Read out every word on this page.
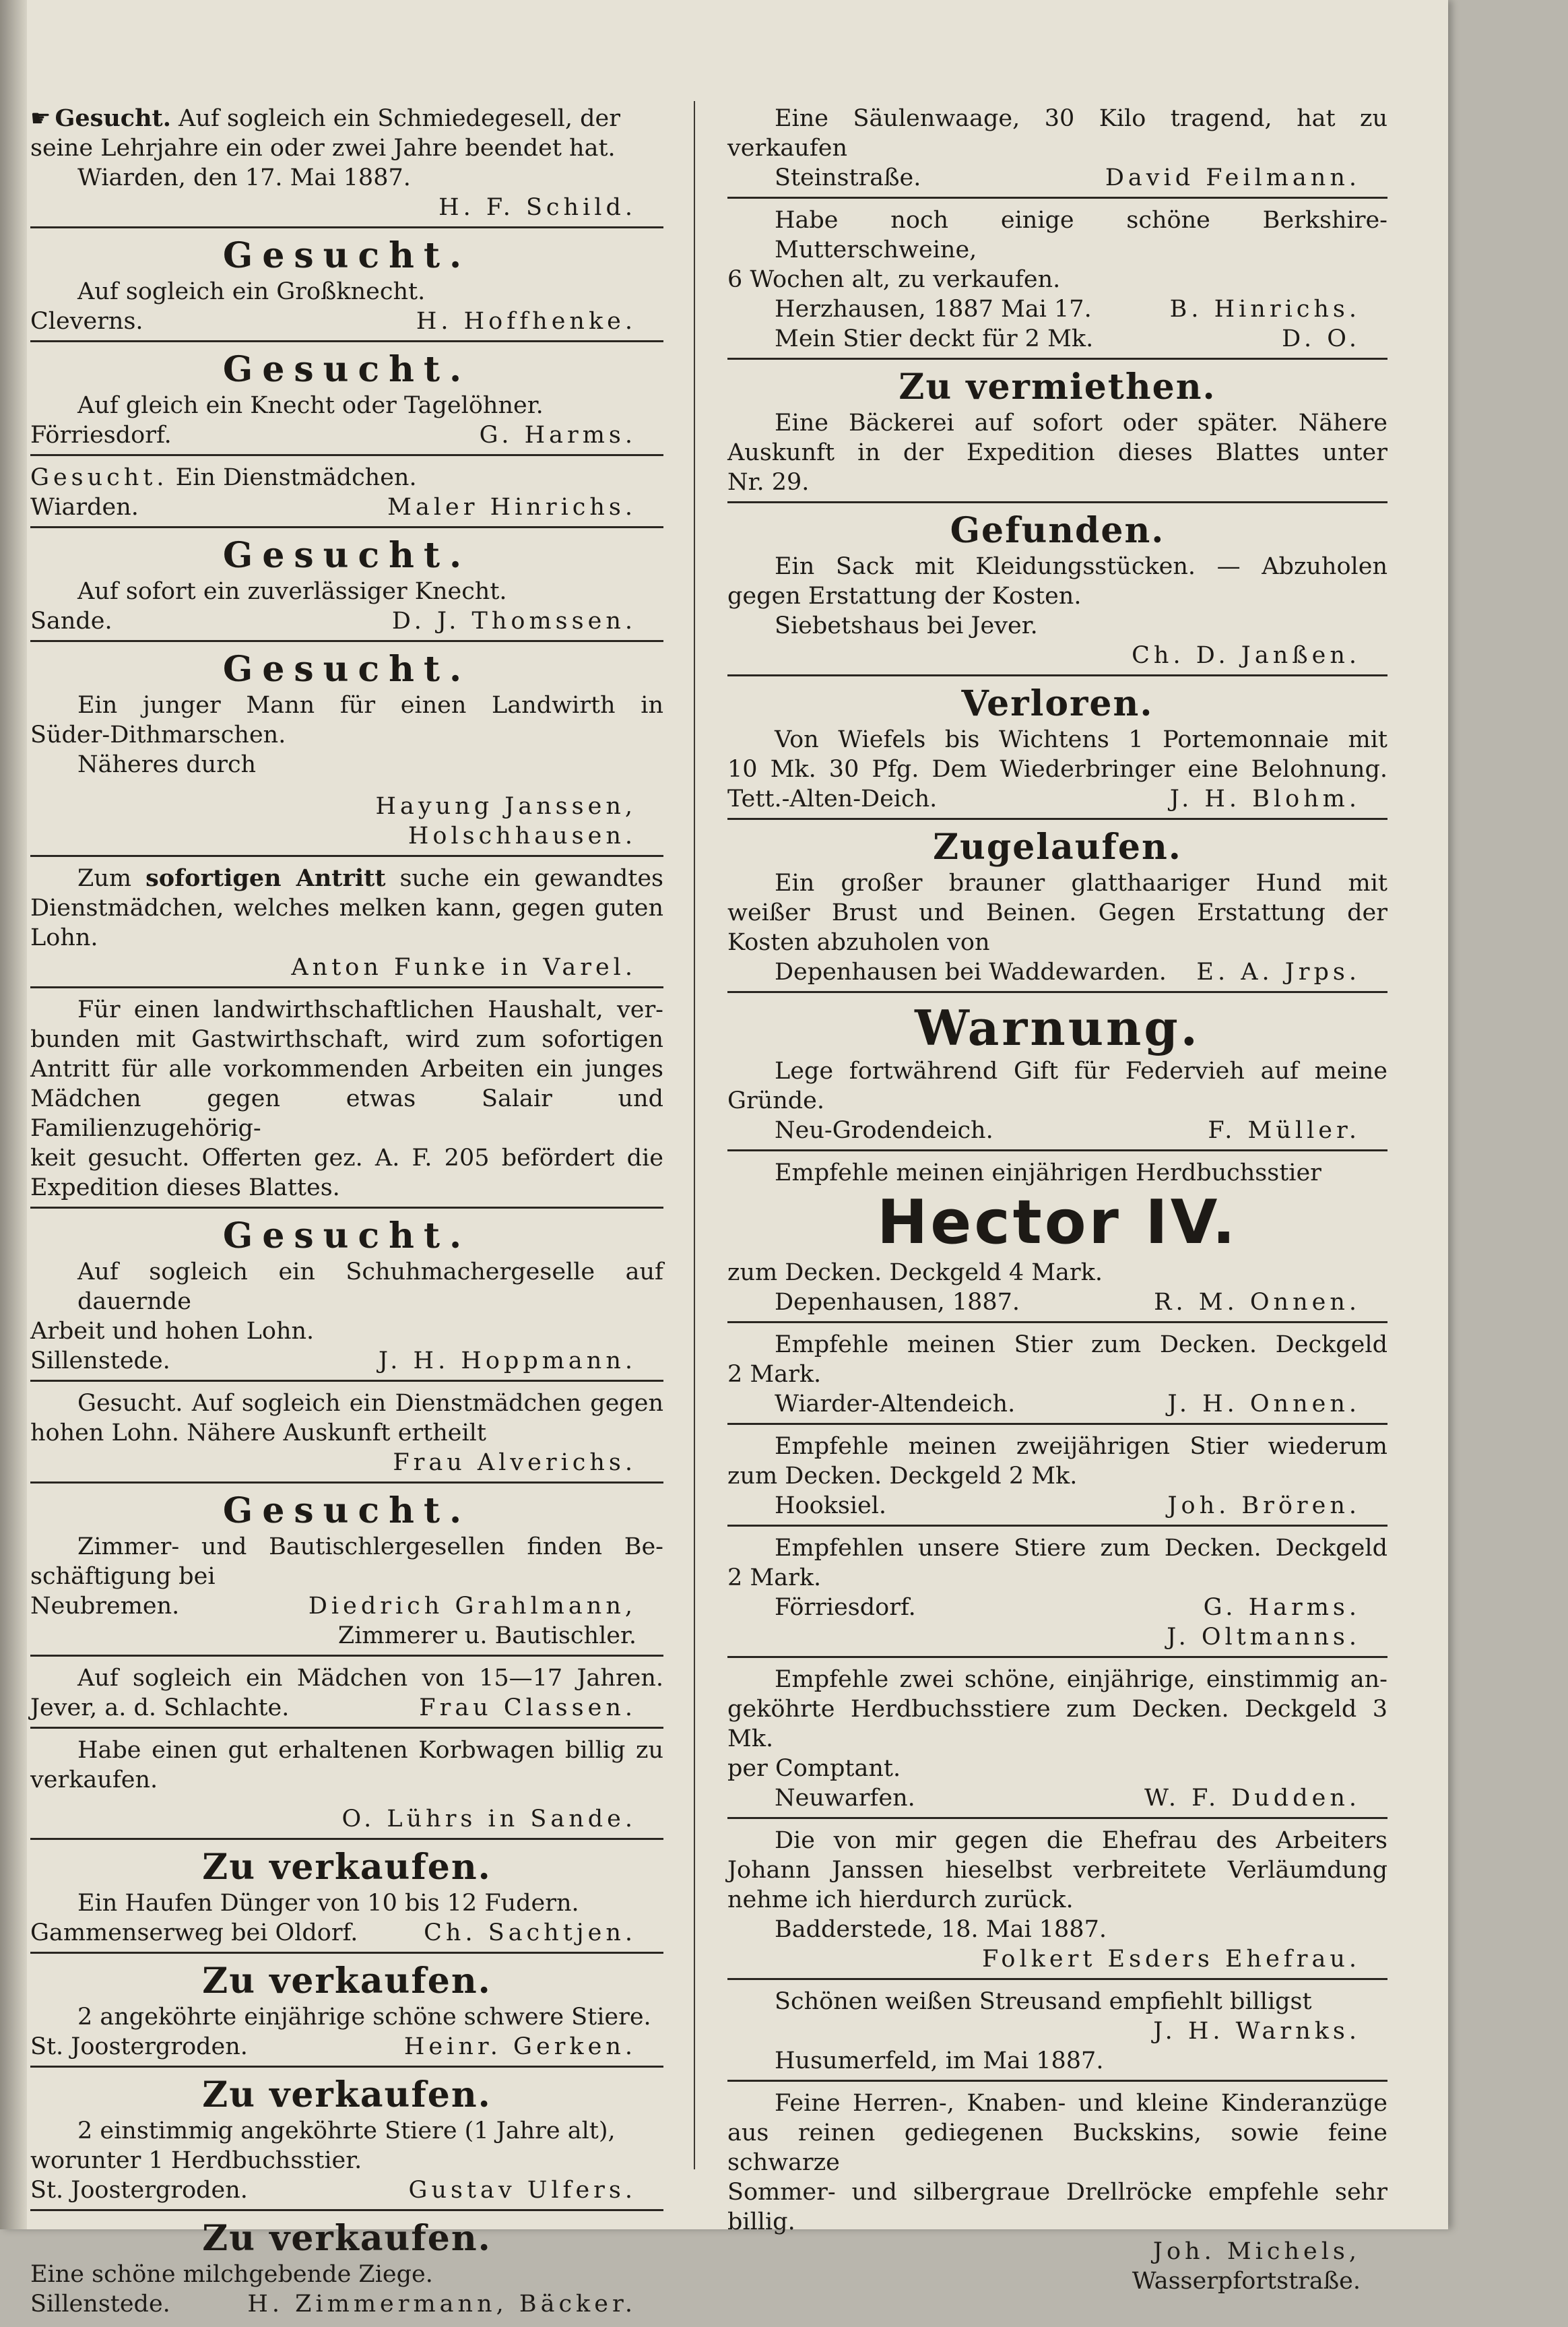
☛ Gesucht. Auf sogleich ein Schmiedegesell, der
seine Lehrjahre ein oder zwei Jahre beendet hat.
Wiarden, den 17. Mai 1887.
H. F. Schild.
Gesucht.
Auf sogleich ein Großknecht.
Cleverns.	H. Hoffhenke.
Gesucht.
Auf gleich ein Knecht oder Tagelöhner.
Förriesdorf.	G. Harms.
Gesucht. Ein Dienstmädchen.
Wiarden.	Maler Hinrichs.
Gesucht.
Auf sofort ein zuverlässiger Knecht.
Sande.	D. J. Thomssen.
Gesucht.
Ein junger Mann für einen Landwirth in
Süder-Dithmarschen.
Näheres durch
Hayung Janssen,
Holschhausen.
Zum sofortigen Antritt suche ein gewandtes
Dienstmädchen, welches melken kann, gegen guten Lohn.
Anton Funke in Varel.
Für einen landwirthschaftlichen Haushalt, ver-
bunden mit Gastwirthschaft, wird zum sofortigen
Antritt für alle vorkommenden Arbeiten ein junges
Mädchen gegen etwas Salair und Familienzugehörig-
keit gesucht. Offerten gez. A. F. 205 befördert die
Expedition dieses Blattes.
Gesucht.
Auf sogleich ein Schuhmachergeselle auf dauernde
Arbeit und hohen Lohn.
Sillenstede.	J. H. Hoppmann.
Gesucht. Auf sogleich ein Dienstmädchen gegen
hohen Lohn. Nähere Auskunft ertheilt
Frau Alverichs.
Gesucht.
Zimmer- und Bautischlergesellen finden Be-
schäftigung bei
Neubremen.	Diedrich Grahlmann,
Zimmerer u. Bautischler.
Auf sogleich ein Mädchen von 15—17 Jahren.
Jever, a. d. Schlachte.	Frau Classen.
Habe einen gut erhaltenen Korbwagen billig zu
verkaufen.
O. Lührs in Sande.
Zu verkaufen.
Ein Haufen Dünger von 10 bis 12 Fudern.
Gammenserweg bei Oldorf.	Ch. Sachtjen.
Zu verkaufen.
2 angeköhrte einjährige schöne schwere Stiere.
St. Joostergroden.	Heinr. Gerken.
Zu verkaufen.
2 einstimmig angeköhrte Stiere (1 Jahre alt),
worunter 1 Herdbuchsstier.
St. Joostergroden.	Gustav Ulfers.
Zu verkaufen.
Eine schöne milchgebende Ziege.
Sillenstede.	H. Zimmermann, Bäcker.
Eine Säulenwaage, 30 Kilo tragend, hat zu
verkaufen
Steinstraße.	David Feilmann.
Habe noch einige schöne Berkshire-Mutterschweine,
6 Wochen alt, zu verkaufen.
Herzhausen, 1887 Mai 17.	B. Hinrichs.
Mein Stier deckt für 2 Mk.	D. O.
Zu vermiethen.
Eine Bäckerei auf sofort oder später. Nähere
Auskunft in der Expedition dieses Blattes unter
Nr. 29.
Gefunden.
Ein Sack mit Kleidungsstücken. — Abzuholen
gegen Erstattung der Kosten.
Siebetshaus bei Jever.
Ch. D. Janßen.
Verloren.
Von Wiefels bis Wichtens 1 Portemonnaie mit
10 Mk. 30 Pfg. Dem Wiederbringer eine Belohnung.
Tett.-Alten-Deich.	J. H. Blohm.
Zugelaufen.
Ein großer brauner glatthaariger Hund mit
weißer Brust und Beinen. Gegen Erstattung der
Kosten abzuholen von
Depenhausen bei Waddewarden. E. A. Jrps.
Warnung.
Lege fortwährend Gift für Federvieh auf meine
Gründe.
Neu-Grodendeich.	F. Müller.
Empfehle meinen einjährigen Herdbuchsstier
Hector IV.
zum Decken. Deckgeld 4 Mark.
Depenhausen, 1887.	R. M. Onnen.
Empfehle meinen Stier zum Decken. Deckgeld
2 Mark.
Wiarder-Altendeich.	J. H. Onnen.
Empfehle meinen zweijährigen Stier wiederum
zum Decken. Deckgeld 2 Mk.
Hooksiel.	Joh. Brören.
Empfehlen unsere Stiere zum Decken. Deckgeld
2 Mark.
Förriesdorf.	G. Harms.
J. Oltmanns.
Empfehle zwei schöne, einjährige, einstimmig an-
geköhrte Herdbuchsstiere zum Decken. Deckgeld 3 Mk.
per Comptant.
Neuwarfen.	W. F. Dudden.
Die von mir gegen die Ehefrau des Arbeiters
Johann Janssen hieselbst verbreitete Verläumdung
nehme ich hierdurch zurück.
Badderstede, 18. Mai 1887.
Folkert Esders Ehefrau.
Schönen weißen Streusand empfiehlt billigst
J. H. Warnks.
Husumerfeld, im Mai 1887.
Feine Herren-, Knaben- und kleine Kinderanzüge
aus reinen gediegenen Buckskins, sowie feine schwarze
Sommer- und silbergraue Drellröcke empfehle sehr
billig.
Joh. Michels,
Wasserpfortstraße.
